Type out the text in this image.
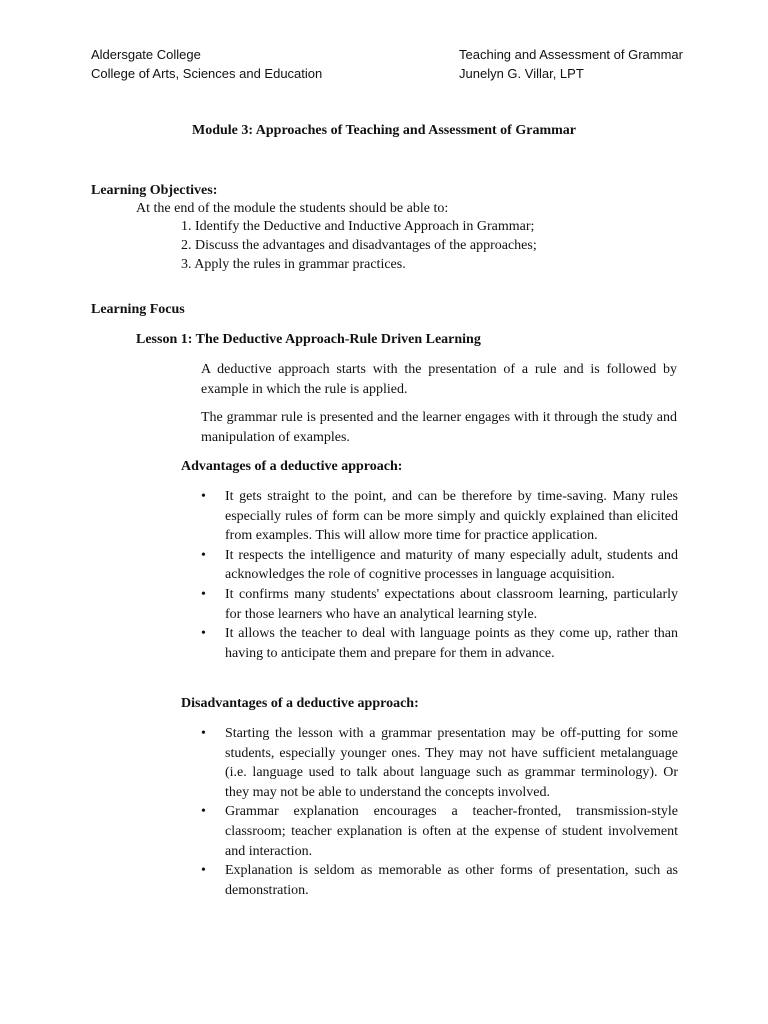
Aldersgate College
College of Arts, Sciences and Education
Teaching and Assessment of Grammar
Junelyn G. Villar, LPT
Module 3: Approaches of Teaching and Assessment of Grammar
Learning Objectives:
At the end of the module the students should be able to:
1. Identify the Deductive and Inductive Approach in Grammar;
2. Discuss the advantages and disadvantages of the approaches;
3. Apply the rules in grammar practices.
Learning Focus
Lesson 1: The Deductive Approach-Rule Driven Learning

A deductive approach starts with the presentation of a rule and is followed by example in which the rule is applied.

The grammar rule is presented and the learner engages with it through the study and manipulation of examples.

Advantages of a deductive approach:
• It gets straight to the point, and can be therefore by time-saving. Many rules especially rules of form can be more simply and quickly explained than elicited from examples. This will allow more time for practice application.
• It respects the intelligence and maturity of many especially adult, students and acknowledges the role of cognitive processes in language acquisition.
• It confirms many students' expectations about classroom learning, particularly for those learners who have an analytical learning style.
• It allows the teacher to deal with language points as they come up, rather than having to anticipate them and prepare for them in advance.
Disadvantages of a deductive approach:
• Starting the lesson with a grammar presentation may be off-putting for some students, especially younger ones. They may not have sufficient metalanguage (i.e. language used to talk about language such as grammar terminology). Or they may not be able to understand the concepts involved.
• Grammar explanation encourages a teacher-fronted, transmission-style classroom; teacher explanation is often at the expense of student involvement and interaction.
• Explanation is seldom as memorable as other forms of presentation, such as demonstration.
